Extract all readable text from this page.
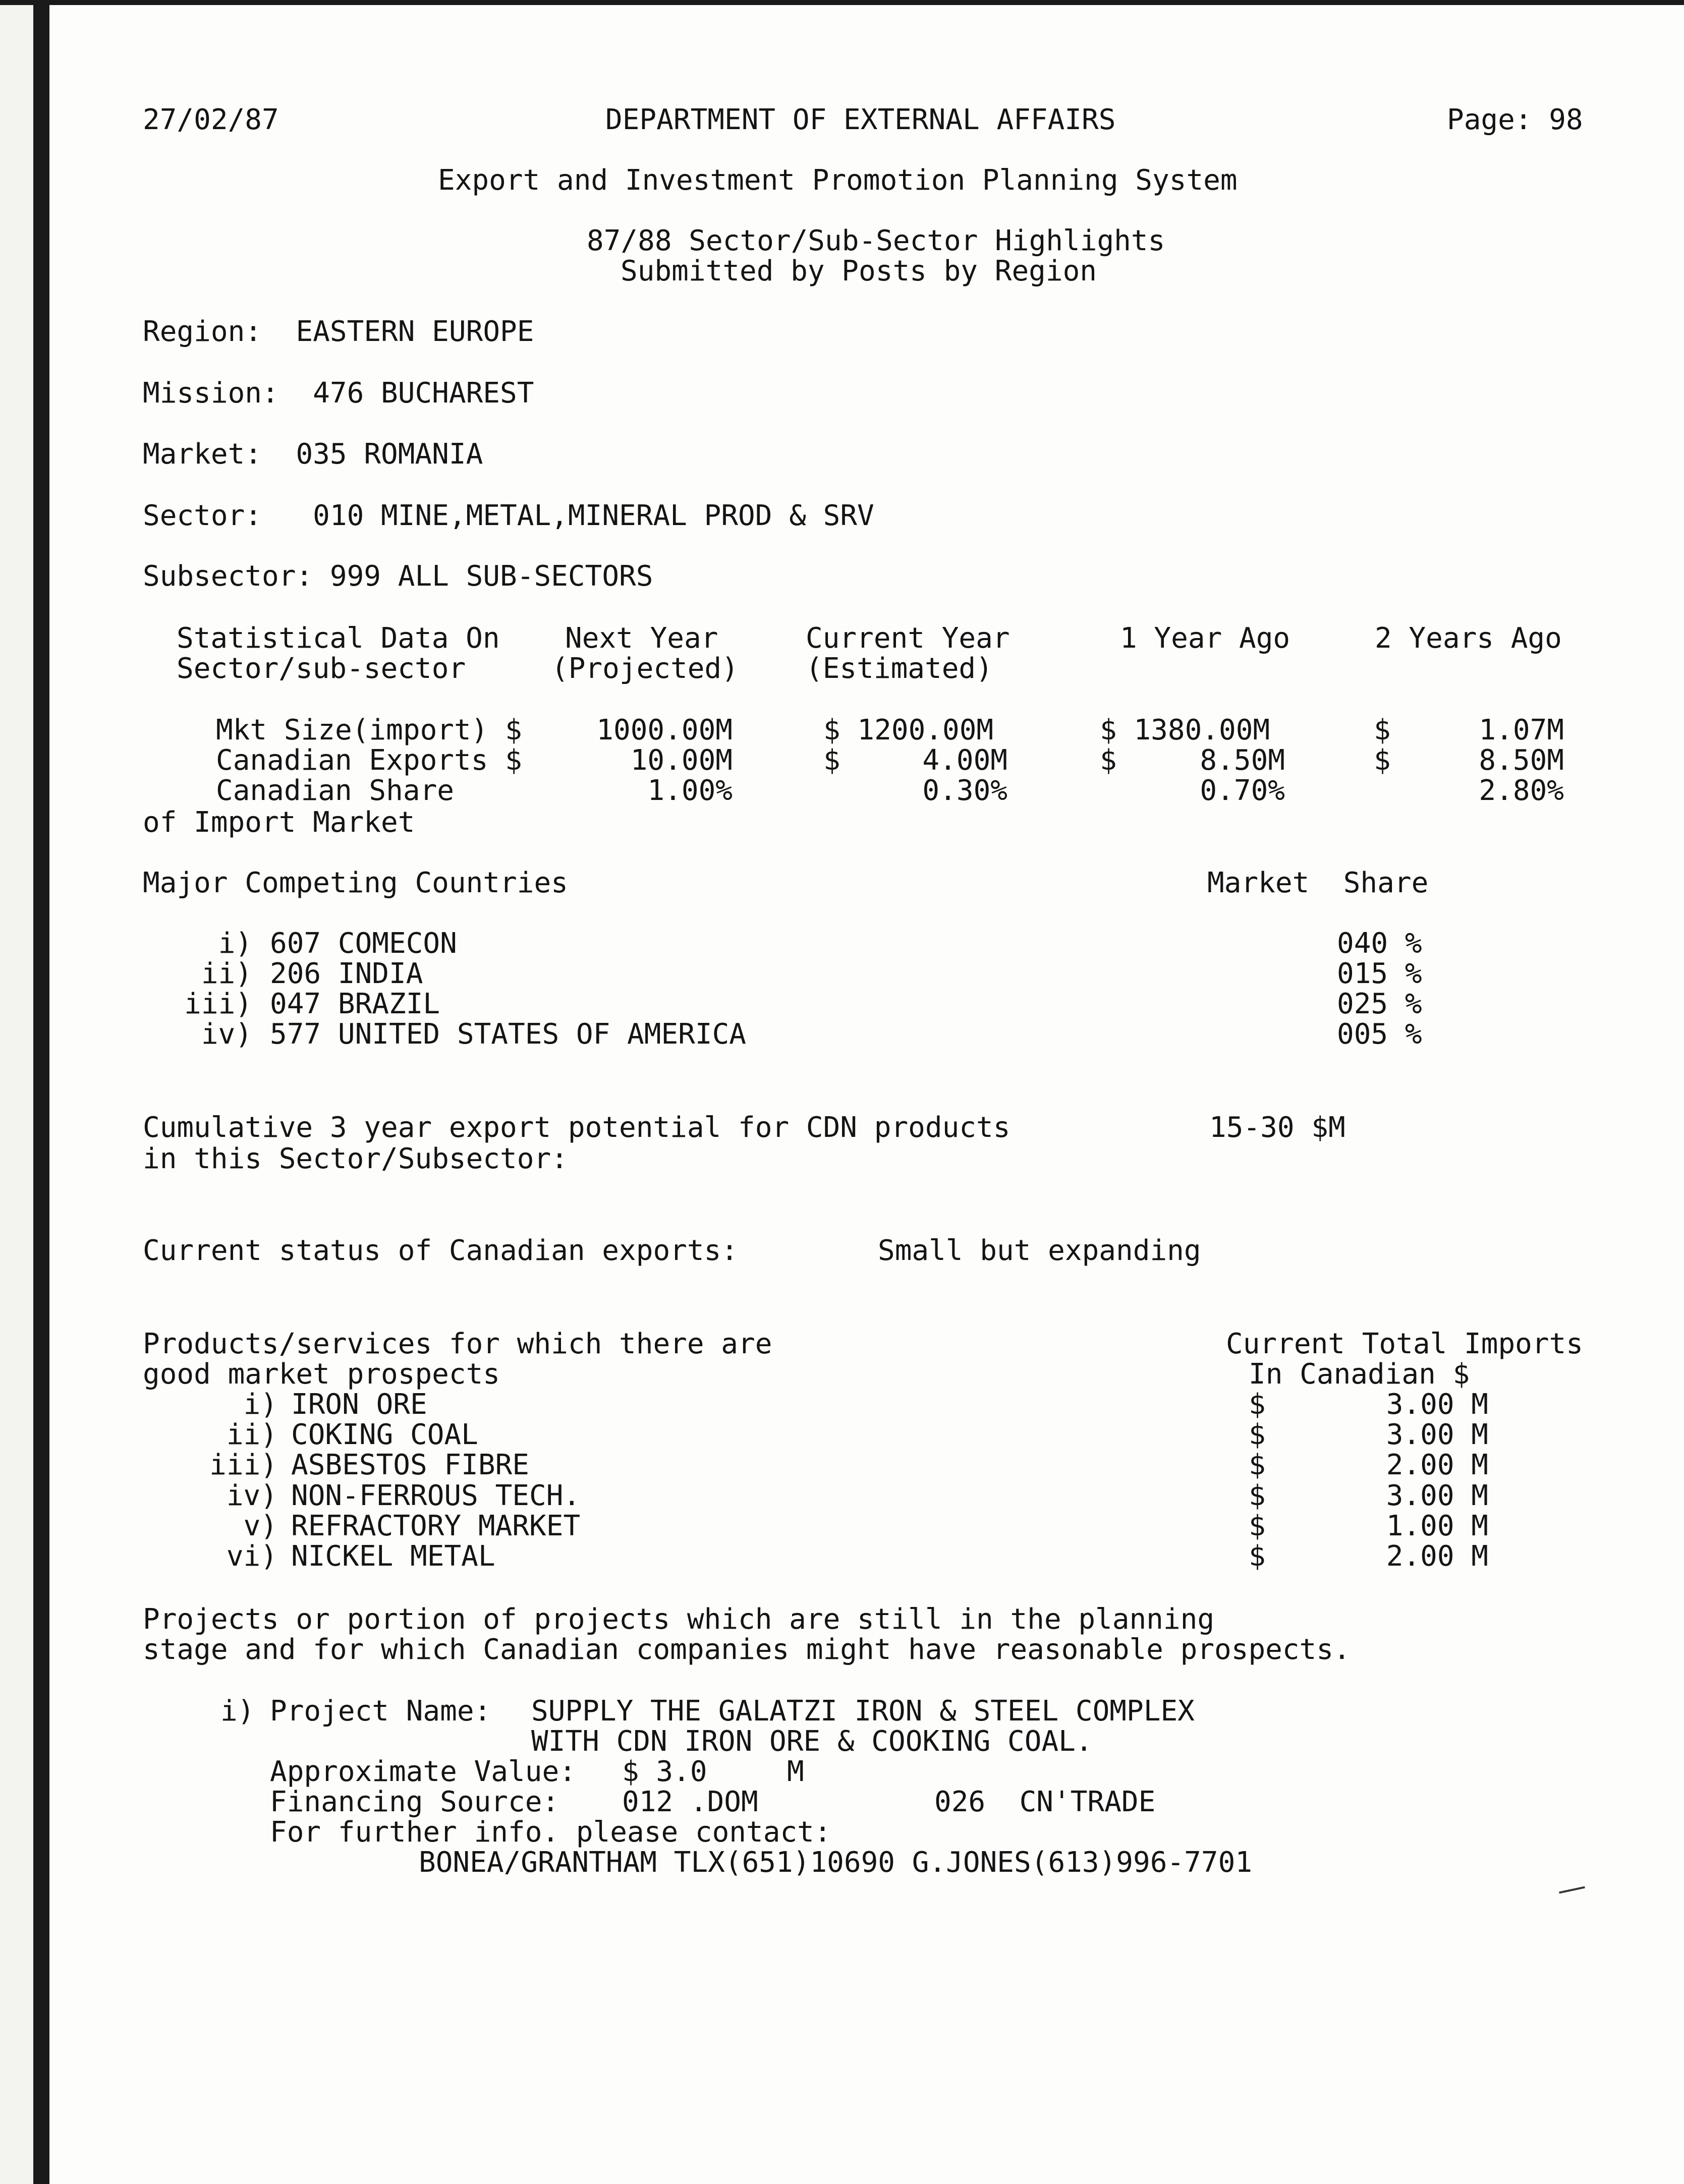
27/02/87	DEPARTMENT OF EXTERNAL AFFAIRS	Page: 98
Export and Investment Promotion Planning System
87/88 Sector/Sub-Sector Highlights
Submitted by Posts by Region
Region: EASTERN EUROPE
Mission: 476 BUCHAREST
Market: 035 ROMANIA
Sector: 010 MINE,METAL,MINERAL PROD & SRV
Subsector: 999 ALL SUB-SECTORS
Statistical Data On Next Year	Current Year	1 Year Ago	2 Years Ago
Sector/sub-sector	(Projected) (Estimated)
Mkt Size(import) $	1000.00M	$ 1200.00M	$ 1380.00M	$	1.07M
Canadian Exports $	10.00M	$	4.00M	$	8.50M	$	8.50M
Canadian Share	1.00%	0.30%	0.70%	2.80%
of Import Market
Major Competing Countries	Market  Share
i) 607 COMECON	040 %
ii) 206 INDIA	015 %
iii) 047 BRAZIL	025 %
iv) 577 UNITED STATES OF AMERICA	005 %
Cumulative 3 year export potential for CDN products
in this Sector/Subsector:
15-30 $M
Current status of Canadian exports:	Small but expanding
Products/services for which there are
good market prospects
Current Total Imports
In Canadian $
i) IRON ORE	$	3.00 M
ii) COKING COAL	$	3.00 M
iii) ASBESTOS FIBRE	$	2.00 M
iv) NON-FERROUS TECH.	$	3.00 M
v) REFRACTORY MARKET	$	1.00 M
vi) NICKEL METAL	$	2.00 M
Projects or portion of projects which are still in the planning
stage and for which Canadian companies might have reasonable prospects.
i) Project Name: SUPPLY THE GALATZI IRON & STEEL COMPLEX
WITH CDN IRON ORE & COOKING COAL.
Approximate Value: $ 3.0	M
Financing Source: 012 .DOM	026  CN'TRADE
For further info. please contact:
BONEA/GRANTHAM TLX(651)10690 G.JONES(613)996-7701
